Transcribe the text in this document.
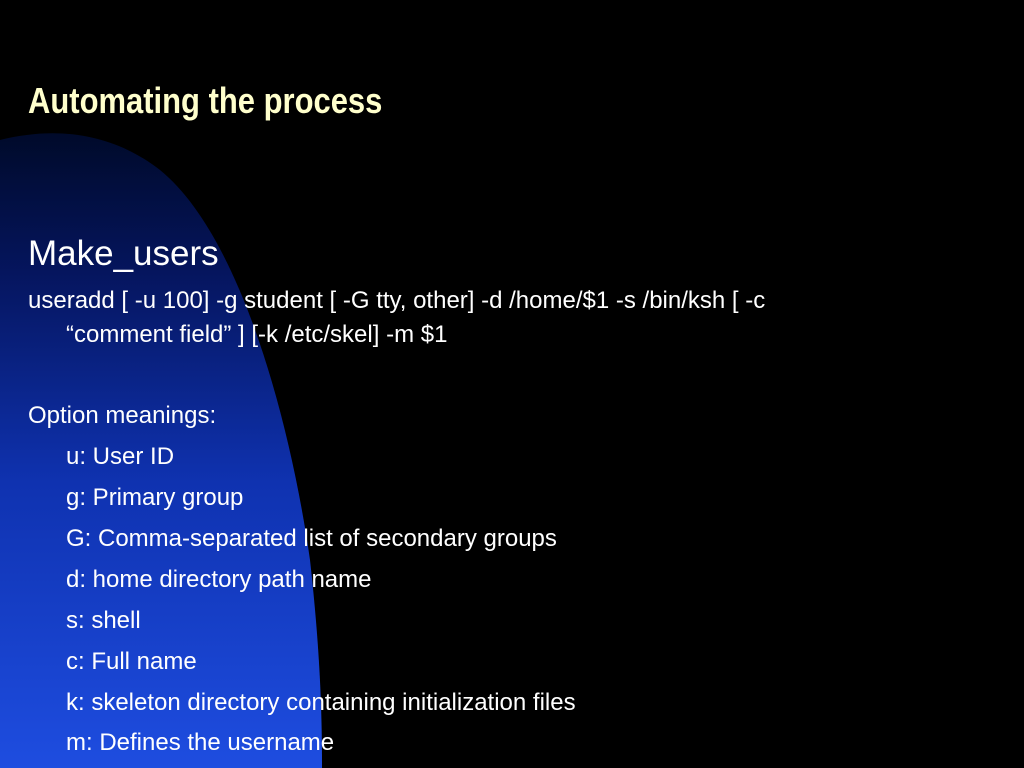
Automating the process
Make_users
useradd [ -u 100] -g student [ -G tty, other] -d /home/$1 -s /bin/ksh [ -c
“comment field” ] [-k /etc/skel] -m $1
Option meanings:
u: User ID
g: Primary group
G: Comma-separated list of secondary groups
d: home directory path name
s: shell
c: Full name
k: skeleton directory containing initialization files
m: Defines the username
